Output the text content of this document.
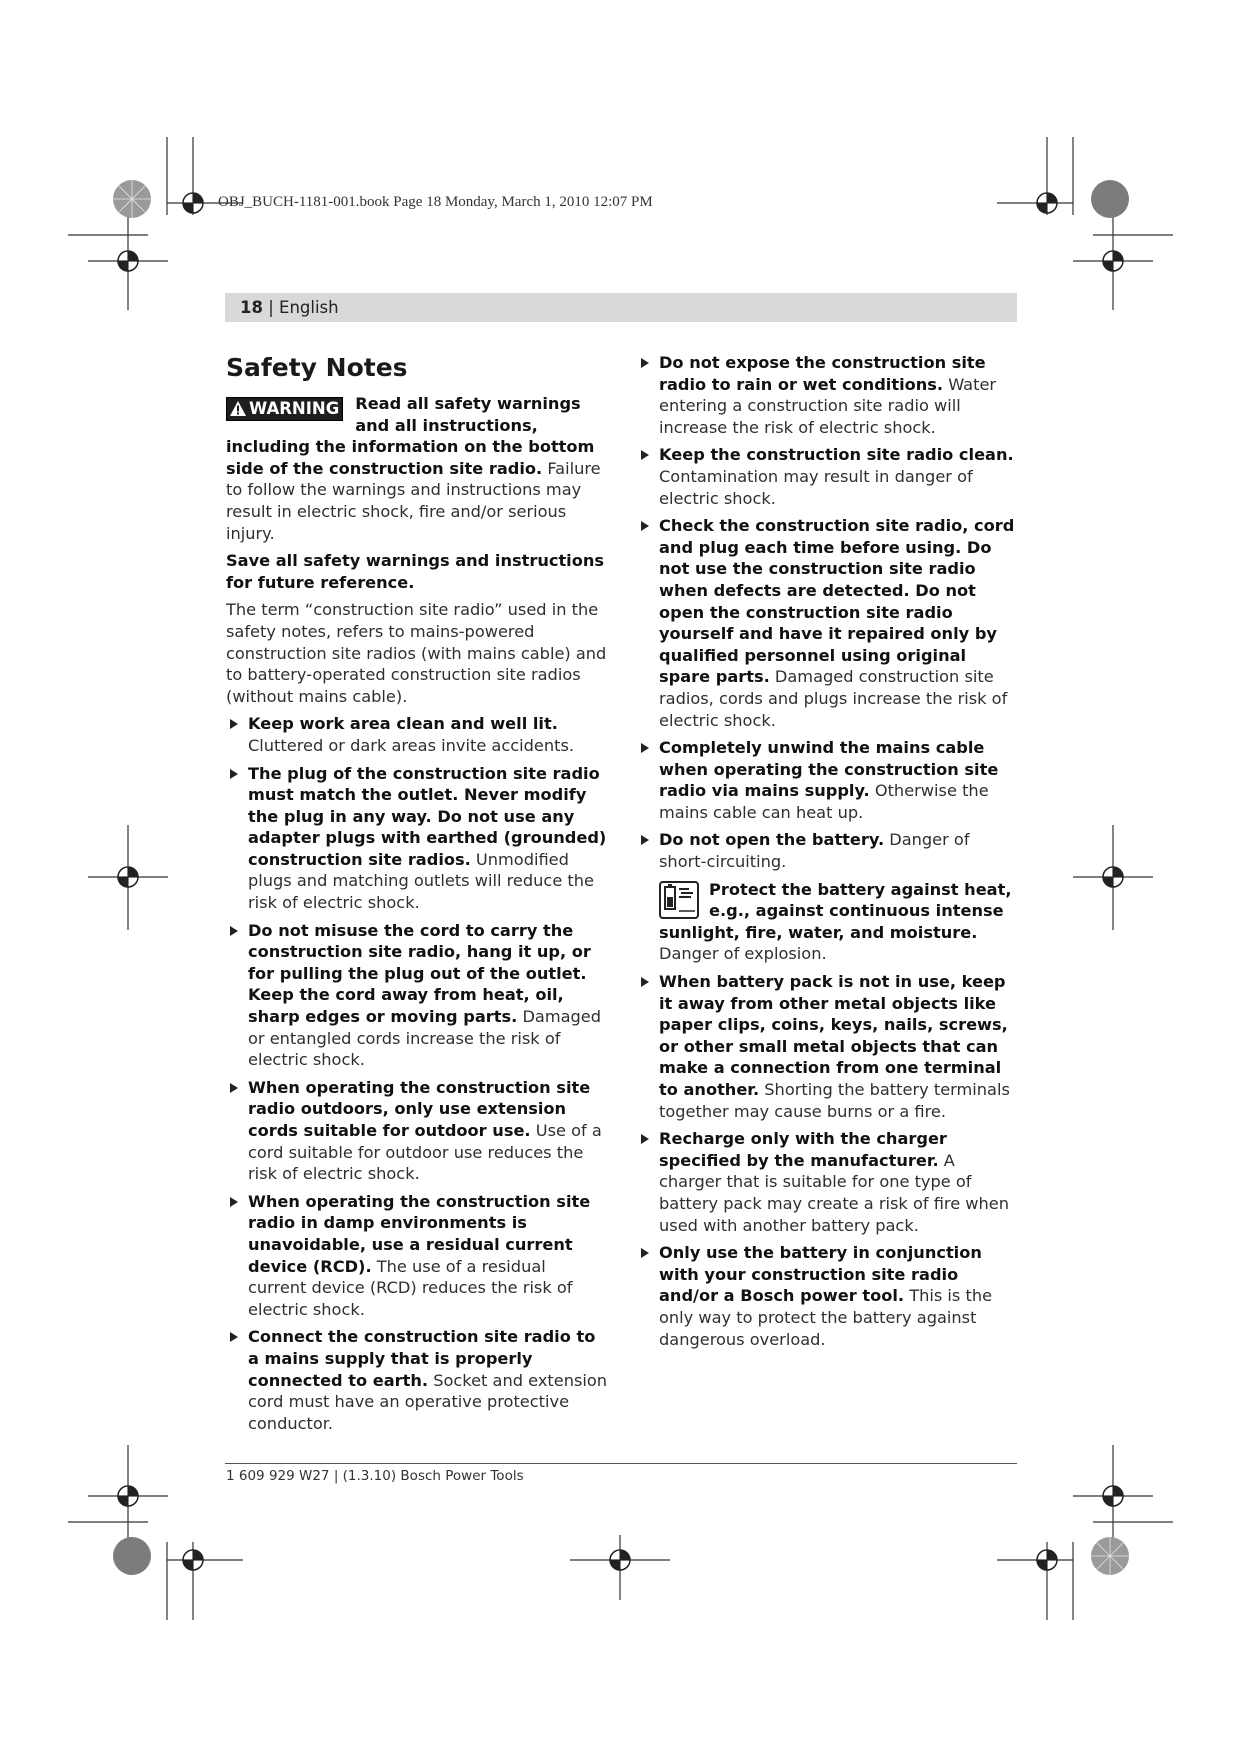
OBJ_BUCH-1181-001.book Page 18 Monday, March 1, 2010 12:07 PM
18 | English
Safety Notes

WARNING Read all safety warnings and all instructions, including the information on the bottom side of the construction site radio. Failure to follow the warnings and instructions may result in electric shock, fire and/or serious injury.

Save all safety warnings and instructions for future reference.

The term “construction site radio” used in the safety notes, refers to mains-powered construction site radios (with mains cable) and to battery-operated construction site radios (without mains cable).

Keep work area clean and well lit. Cluttered or dark areas invite accidents.
The plug of the construction site radio must match the outlet. Never modify the plug in any way. Do not use any adapter plugs with earthed (grounded) construction site radios. Unmodified plugs and matching outlets will reduce the risk of electric shock.
Do not misuse the cord to carry the construction site radio, hang it up, or for pulling the plug out of the outlet. Keep the cord away from heat, oil, sharp edges or moving parts. Damaged or entangled cords increase the risk of electric shock.
When operating the construction site radio outdoors, only use extension cords suitable for outdoor use. Use of a cord suitable for outdoor use reduces the risk of electric shock.
When operating the construction site radio in damp environments is unavoidable, use a residual current device (RCD). The use of a residual current device (RCD) reduces the risk of electric shock.
Connect the construction site radio to a mains supply that is properly connected to earth. Socket and extension cord must have an operative protective conductor.
Do not expose the construction site radio to rain or wet conditions. Water entering a construction site radio will increase the risk of electric shock.
Keep the construction site radio clean. Contamination may result in danger of electric shock.
Check the construction site radio, cord and plug each time before using. Do not use the construction site radio when defects are detected. Do not open the construction site radio yourself and have it repaired only by qualified personnel using original spare parts. Damaged construction site radios, cords and plugs increase the risk of electric shock.
Completely unwind the mains cable when operating the construction site radio via mains supply. Otherwise the mains cable can heat up.
Do not open the battery. Danger of short-circuiting.
Protect the battery against heat, e.g., against continuous intense sunlight, fire, water, and moisture. Danger of explosion.
When battery pack is not in use, keep it away from other metal objects like paper clips, coins, keys, nails, screws, or other small metal objects that can make a connection from one terminal to another. Shorting the battery terminals together may cause burns or a fire.
Recharge only with the charger specified by the manufacturer. A charger that is suitable for one type of battery pack may create a risk of fire when used with another battery pack.
Only use the battery in conjunction with your construction site radio and/or a Bosch power tool. This is the only way to protect the battery against dangerous overload.
1 609 929 W27 | (1.3.10) Bosch Power Tools
